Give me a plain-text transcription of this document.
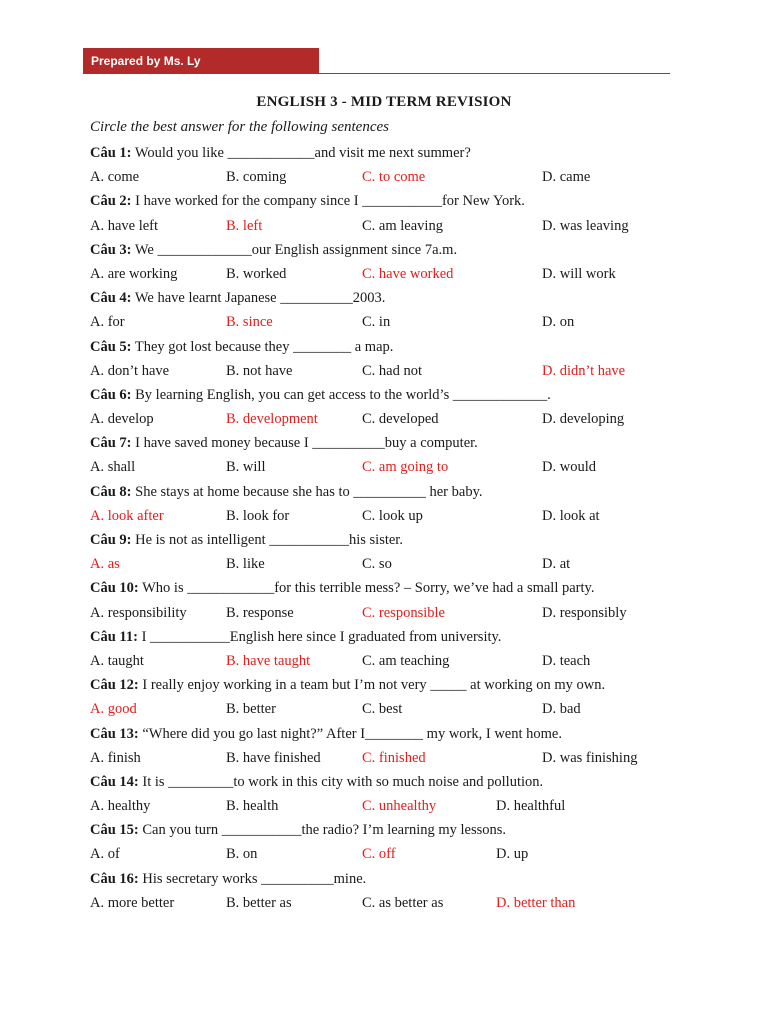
Prepared by Ms. Ly
ENGLISH 3 - MID TERM REVISION
Circle the best answer for the following sentences
Câu 1: Would you like ____________and visit me next summer?
A. come	B. coming	C. to come	D. came
Câu 2: I have worked for the company since I ___________for New York.
A. have left	B. left	C. am leaving	D. was leaving
Câu 3: We _____________our English assignment since 7a.m.
A. are working	B. worked	C. have worked	D. will work
Câu 4: We have learnt Japanese __________2003.
A. for	B. since	C. in	D. on
Câu 5: They got lost because they ________ a map.
A. don’t have	B. not have	C. had not	D. didn’t have
Câu 6: By learning English, you can get access to the world’s _____________.
A. develop	B. development	C. developed	D. developing
Câu 7: I have saved money because I __________buy a computer.
A. shall	B. will	C. am going to	D. would
Câu 8: She stays at home because she has to __________ her baby.
A. look after	B. look for	C. look up	D. look at
Câu 9: He is not as intelligent ___________his sister.
A. as	B. like	C. so	D. at
Câu 10: Who is ____________for this terrible mess? – Sorry, we’ve had a small party.
A. responsibility	B. response	C. responsible	D. responsibly
Câu 11: I ___________English here since I graduated from university.
A. taught	B. have taught	C. am teaching	D. teach
Câu 12: I really enjoy working in a team but I’m not very _____ at working on my own.
A. good	B. better	C. best	D. bad
Câu 13: “Where did you go last night?” After I________ my work, I went home.
A. finish	B. have finished	C. finished	D. was finishing
Câu 14: It is _________to work in this city with so much noise and pollution.
A. healthy	B. health	C. unhealthy	D. healthful
Câu 15: Can you turn ___________the radio? I’m learning my lessons.
A. of	B. on	C. off	D. up
Câu 16: His secretary works __________mine.
A. more better	B. better as	C. as better as	D. better than
